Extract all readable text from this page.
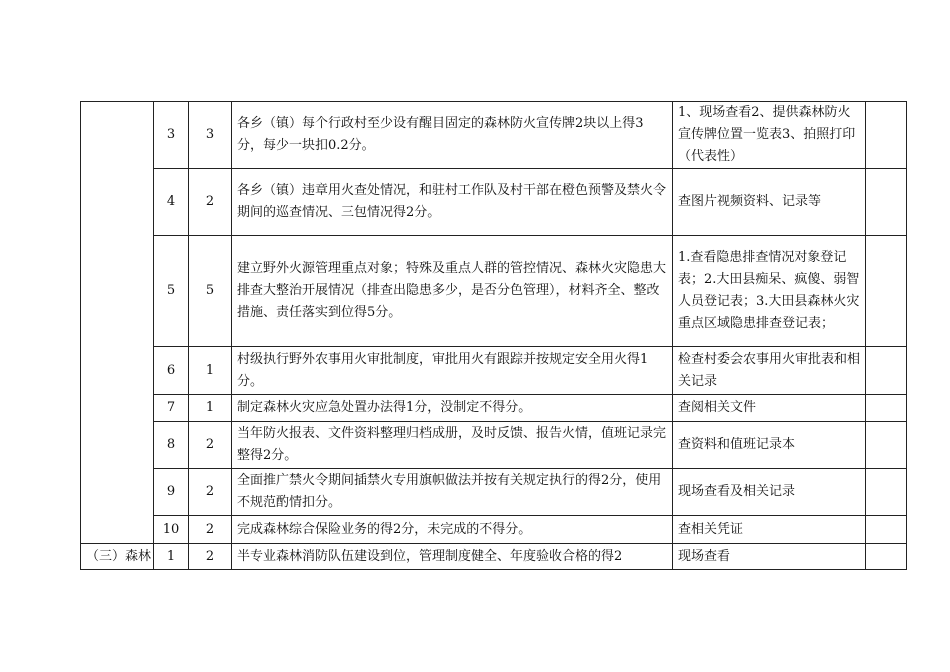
	3	3	各乡（镇）每个行政村至少设有醒目固定的森林防火宣传牌2块以上得3分，每少一块扣0.2分。	1、现场查看2、提供森林防火宣传牌位置一览表3、拍照打印（代表性）	
	4	2	各乡（镇）违章用火查处情况，和驻村工作队及村干部在橙色预警及禁火令期间的巡查情况、三包情况得2分。	查图片视频资料、记录等	
	5	5	建立野外火源管理重点对象；特殊及重点人群的管控情况、森林火灾隐患大排查大整治开展情况（排查出隐患多少，是否分色管理），材料齐全、整改措施、责任落实到位得5分。	1.查看隐患排查情况对象登记表；2.大田县痴呆、疯傻、弱智人员登记表；3.大田县森林火灾重点区域隐患排查登记表；	
	6	1	村级执行野外农事用火审批制度，审批用火有跟踪并按规定安全用火得1分。	检查村委会农事用火审批表和相关记录	
	7	1	制定森林火灾应急处置办法得1分，没制定不得分。	查阅相关文件	
	8	2	当年防火报表、文件资料整理归档成册，及时反馈、报告火情，值班记录完整得2分。	查资料和值班记录本	
	9	2	全面推广禁火令期间插禁火专用旗帜做法并按有关规定执行的得2分，使用不规范酌情扣分。	现场查看及相关记录	
	10	2	完成森林综合保险业务的得2分，未完成的不得分。	查相关凭证	
（三）森林	1	2	半专业森林消防队伍建设到位，管理制度健全、年度验收合格的得2	现场查看	
